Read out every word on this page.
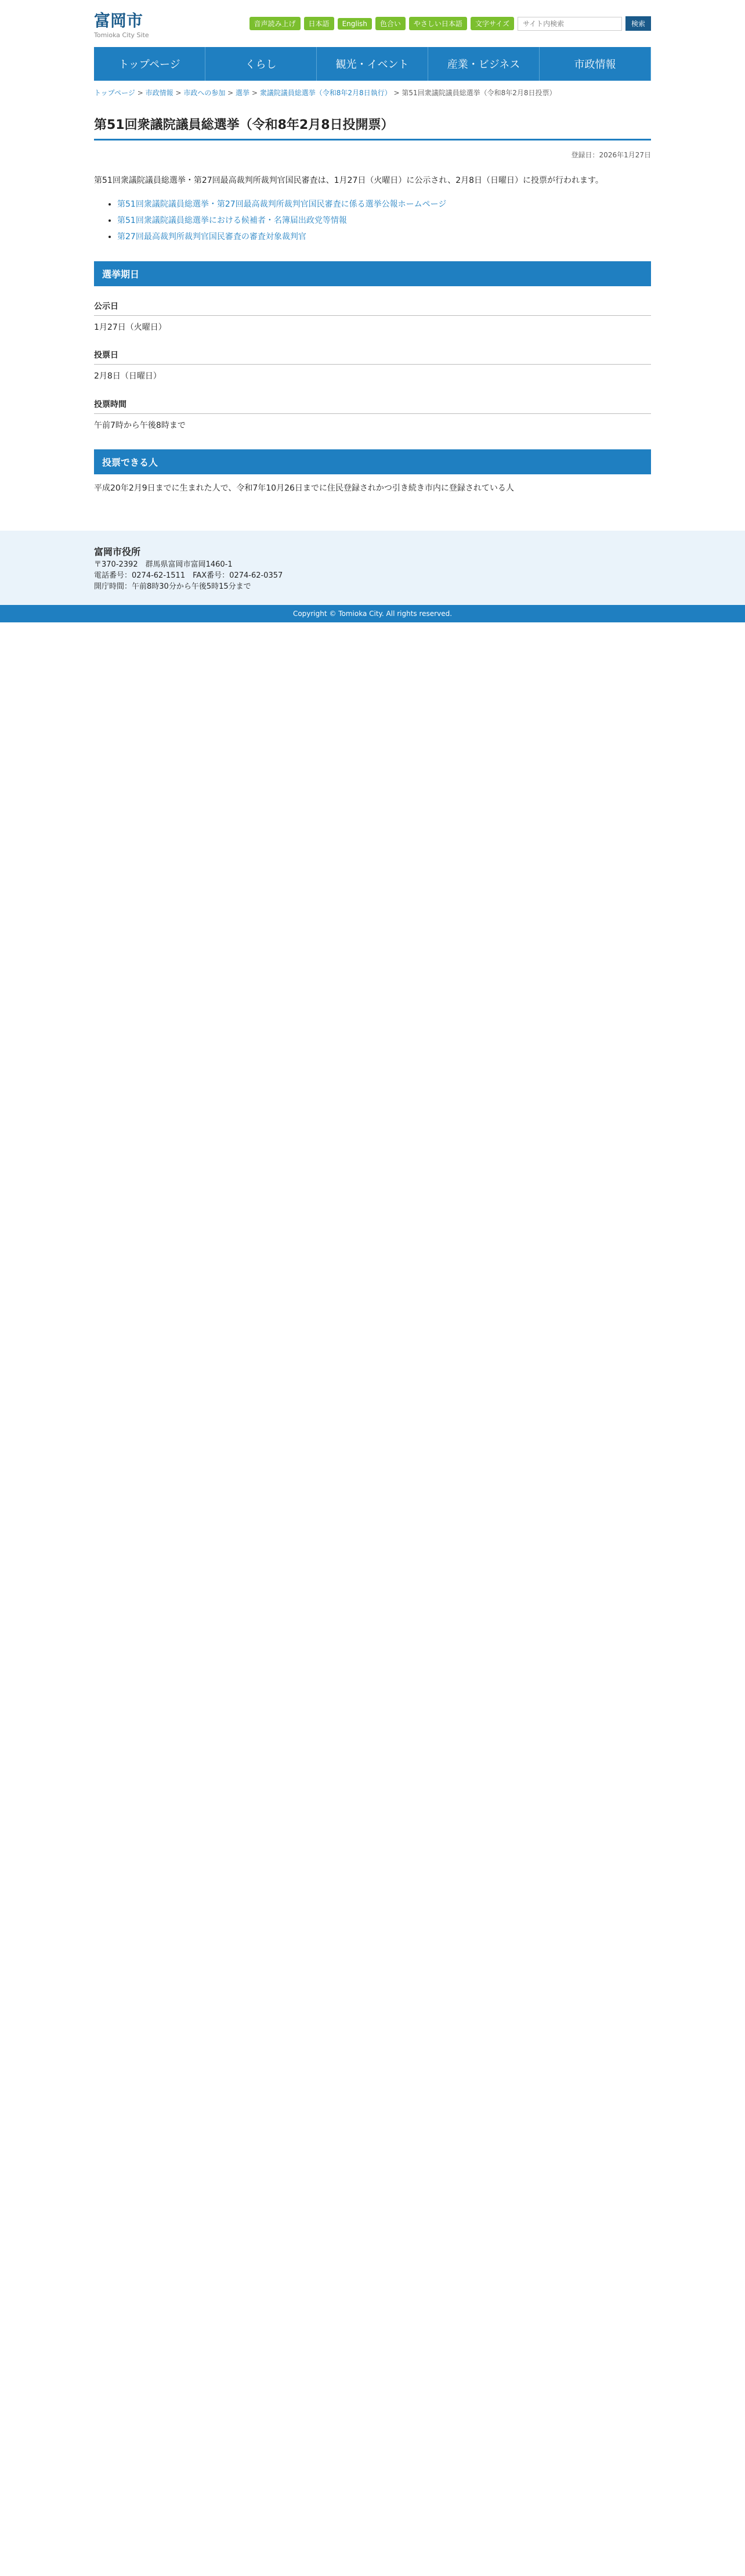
富岡市
Tomioka City Site
音声読み上げ	日本語	English	色合い	やさしい日本語	文字サイズ
サイト内検索	検索
トップページ	くらし	観光・イベント	産業・ビジネス	市政情報
トップページ > 市政情報 > 市政への参加 > 選挙 > 衆議院議員総選挙（令和8年2月8日執行） > 第51回衆議院議員総選挙（令和8年2月8日投票）
第51回衆議院議員総選挙（令和8年2月8日投開票）
登録日：2026年1月27日

第51回衆議院議員総選挙・第27回最高裁判所裁判官国民審査は、1月27日（火曜日）に公示され、2月8日（日曜日）に投票が行われます。

• 第51回衆議院議員総選挙・第27回最高裁判所裁判官国民審査に係る選挙公報ホームページ
• 第51回衆議院議員総選挙における候補者・名簿届出政党等情報
• 第27回最高裁判所裁判官国民審査の審査対象裁判官
選挙期日
公示日

1月27日（火曜日）

投票日

2月8日（日曜日）

投票時間

午前7時から午後8時まで

投票できる人

平成20年2月9日までに生まれた人で、令和7年10月26日までに住民登録されかつ引き続き市内に登録されている人

富岡市役所
〒370-2392　群馬県富岡市富岡1460-1
電話番号：0274-62-1511　FAX番号：0274-62-0357
開庁時間：午前8時30分から午後5時15分まで
Copyright © Tomioka City. All rights reserved.
